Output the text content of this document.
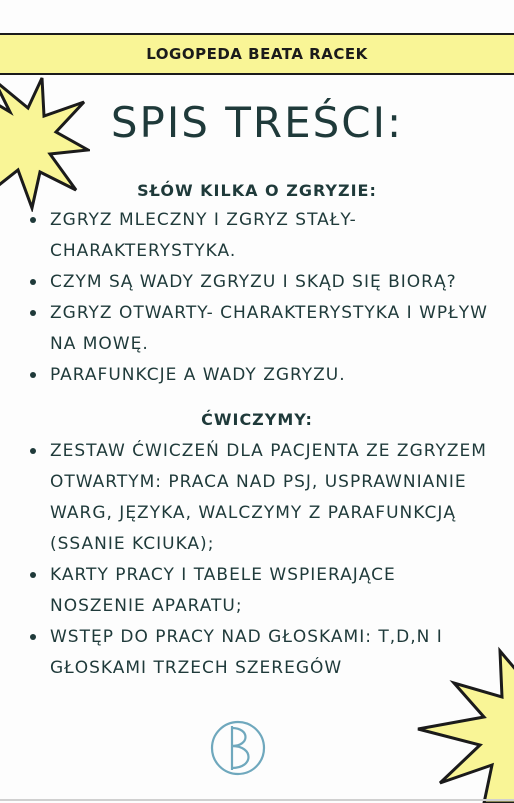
LOGOPEDA BEATA RACEK
SPIS TREŚCI:
SŁÓW KILKA O ZGRYZIE:
ZGRYZ MLECZNY I ZGRYZ STAŁY- CHARAKTERYSTYKA.
CZYM SĄ WADY ZGRYZU I SKĄD SIĘ BIORĄ?
ZGRYZ OTWARTY- CHARAKTERYSTYKA I WPŁYW NA MOWĘ.
PARAFUNKCJE A WADY ZGRYZU.
ĆWICZYMY:
ZESTAW ĆWICZEŃ DLA PACJENTA ZE ZGRYZEM OTWARTYM: PRACA NAD PSJ, USPRAWNIANIE WARG, JĘZYKA, WALCZYMY Z PARAFUNKCJĄ (SSANIE KCIUKA);
KARTY PRACY I TABELE WSPIERAJĄCE NOSZENIE APARATU;
WSTĘP DO PRACY NAD GŁOSKAMI: T,D,N I GŁOSKAMI TRZECH SZEREGÓW
